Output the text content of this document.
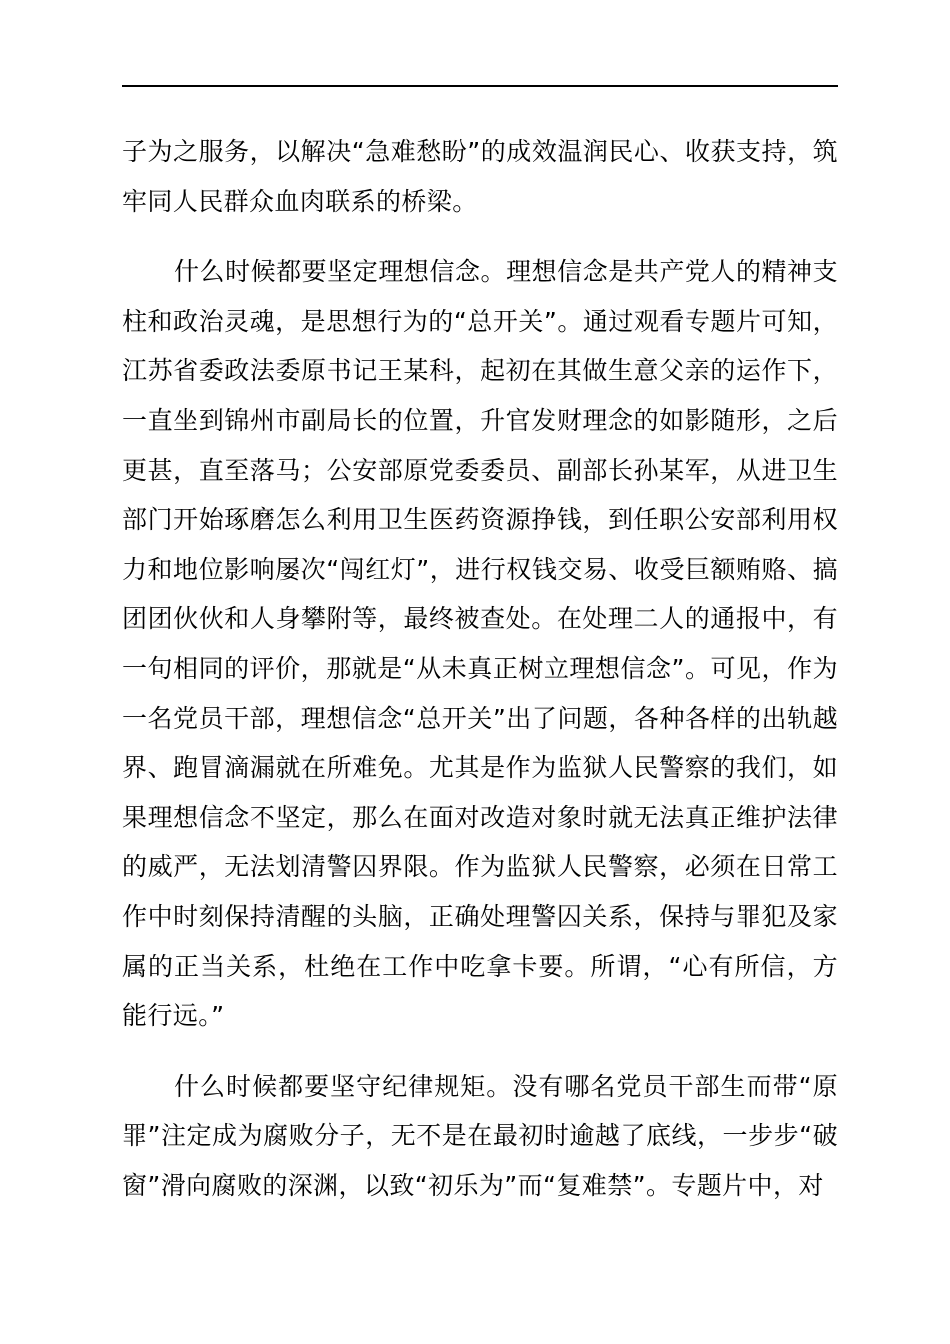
子为之服务，以解决“急难愁盼”的成效温润民心、收获支持，筑牢同人民群众血肉联系的桥梁。

什么时候都要坚定理想信念。理想信念是共产党人的精神支柱和政治灵魂，是思想行为的“总开关”。通过观看专题片可知，江苏省委政法委原书记王某科，起初在其做生意父亲的运作下，一直坐到锦州市副局长的位置，升官发财理念的如影随形，之后更甚，直至落马；公安部原党委委员、副部长孙某军，从进卫生部门开始琢磨怎么利用卫生医药资源挣钱，到任职公安部利用权力和地位影响屡次“闯红灯”，进行权钱交易、收受巨额贿赂、搞团团伙伙和人身攀附等，最终被查处。在处理二人的通报中，有一句相同的评价，那就是“从未真正树立理想信念”。可见，作为一名党员干部，理想信念“总开关”出了问题，各种各样的出轨越界、跑冒滴漏就在所难免。尤其是作为监狱人民警察的我们，如果理想信念不坚定，那么在面对改造对象时就无法真正维护法律的威严，无法划清警囚界限。作为监狱人民警察，必须在日常工作中时刻保持清醒的头脑，正确处理警囚关系，保持与罪犯及家属的正当关系，杜绝在工作中吃拿卡要。所谓，“心有所信，方能行远。”

什么时候都要坚守纪律规矩。没有哪名党员干部生而带“原罪”注定成为腐败分子，无不是在最初时逾越了底线，一步步“破窗”滑向腐败的深渊，以致“初乐为”而“复难禁”。专题片中，对
